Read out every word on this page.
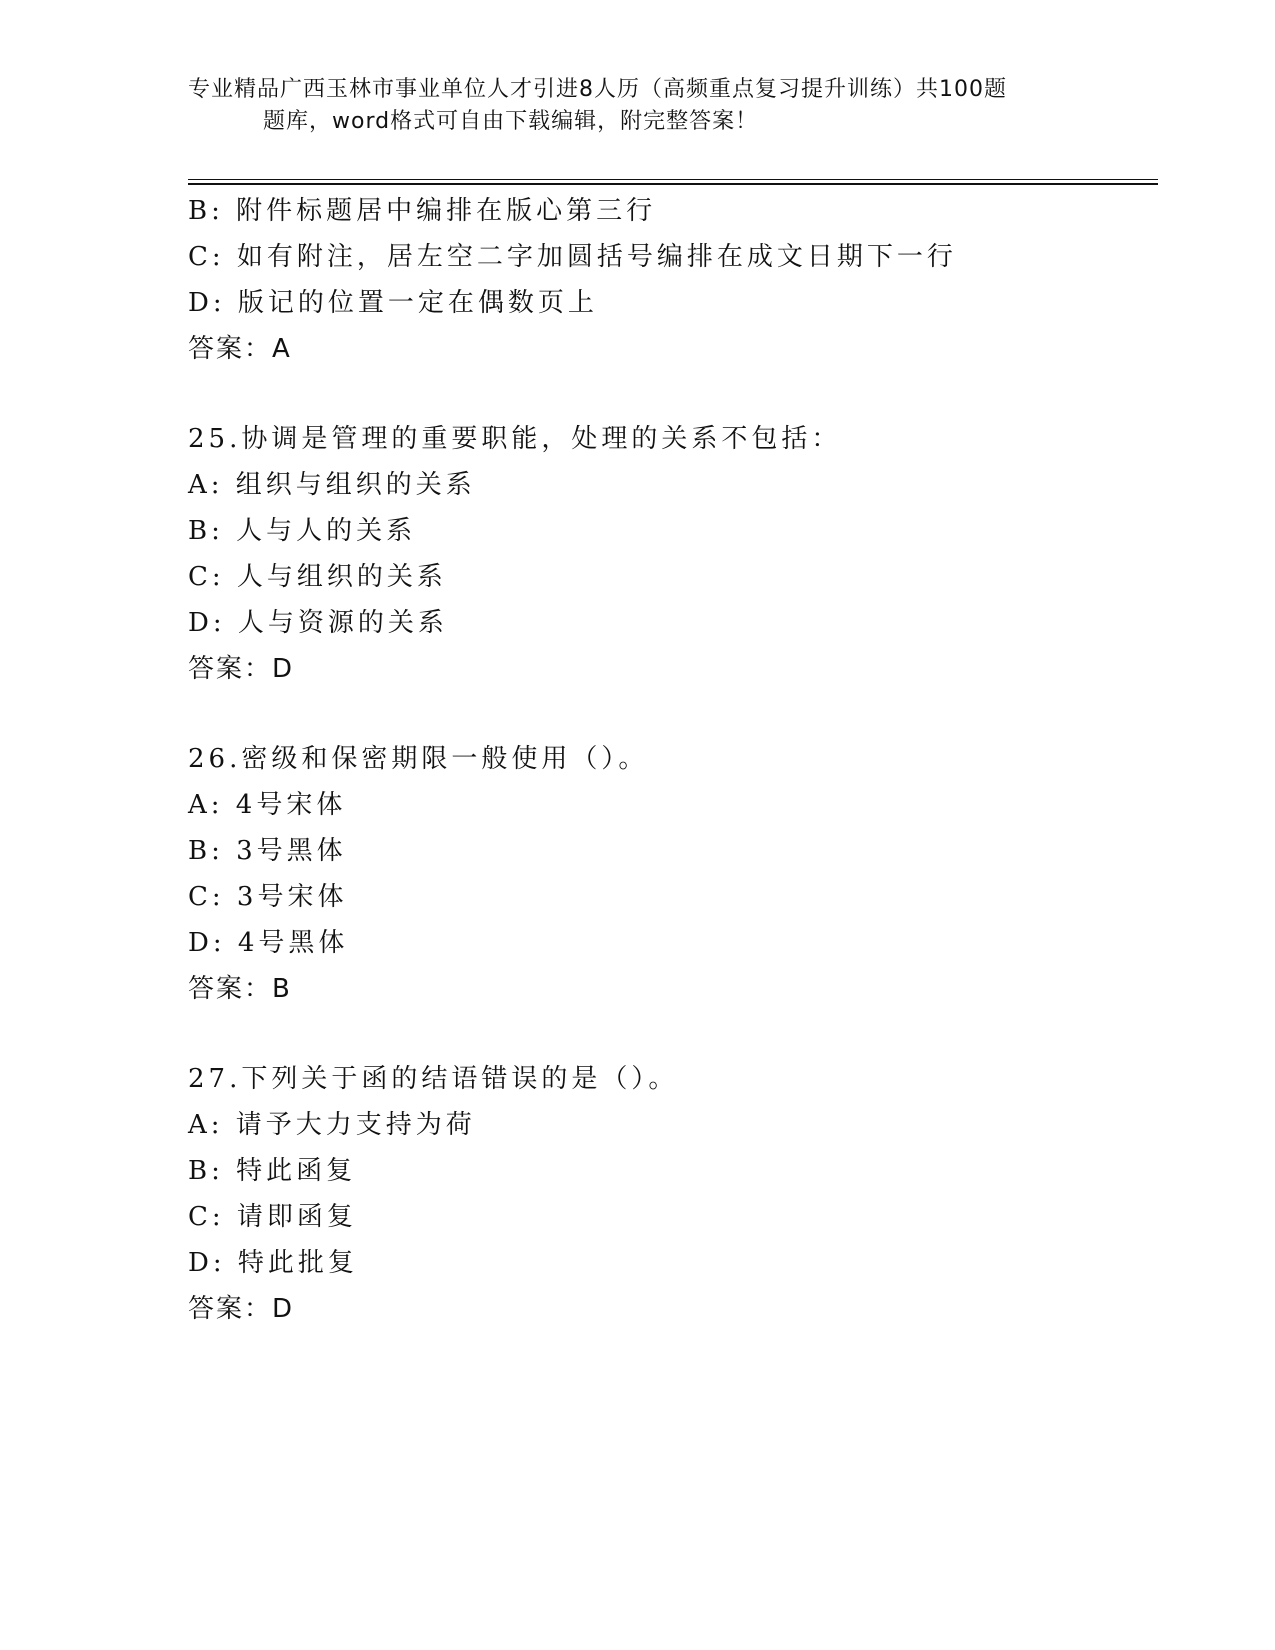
专业精品广西玉林市事业单位人才引进8人历（高频重点复习提升训练）共100题
题库，word格式可自由下载编辑，附完整答案！
B: 附件标题居中编排在版心第三行
C: 如有附注，居左空二字加圆括号编排在成文日期下一行
D: 版记的位置一定在偶数页上
答案：A
25.协调是管理的重要职能，处理的关系不包括：
A: 组织与组织的关系
B: 人与人的关系
C: 人与组织的关系
D: 人与资源的关系
答案：D
26.密级和保密期限一般使用（）。
A: 4号宋体
B: 3号黑体
C: 3号宋体
D: 4号黑体
答案：B
27.下列关于函的结语错误的是（）。
A: 请予大力支持为荷
B: 特此函复
C: 请即函复
D: 特此批复
答案：D
